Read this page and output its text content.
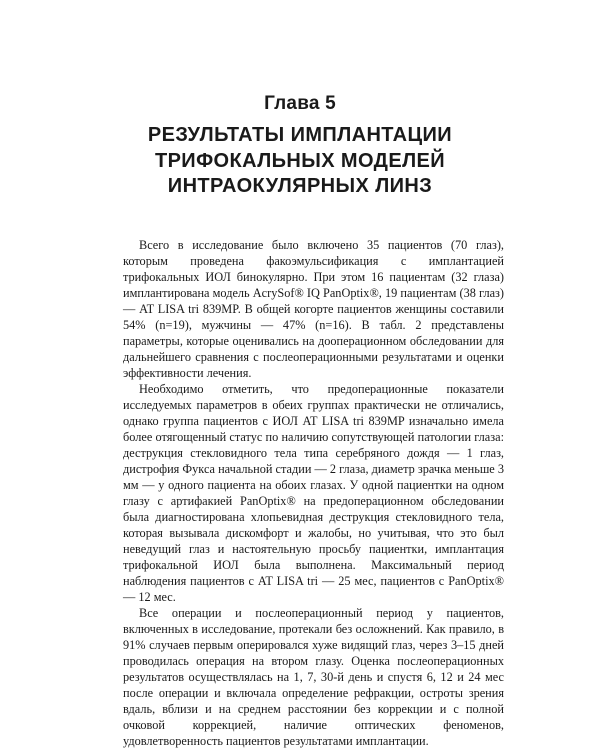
Глава 5
РЕЗУЛЬТАТЫ ИМПЛАНТАЦИИ
ТРИФОКАЛЬНЫХ МОДЕЛЕЙ
ИНТРАОКУЛЯРНЫХ ЛИНЗ

Всего в исследование было включено 35 пациентов (70 глаз), которым проведена факоэмульсификация с имплантацией трифокальных ИОЛ бинокулярно. При этом 16 пациентам (32 глаза) имплантирована модель AcrySof® IQ PanOptix®, 19 пациентам (38 глаз) — AT LISA tri 839MP. В общей когорте пациентов женщины составили 54% (n=19), мужчины — 47% (n=16). В табл. 2 представлены параметры, которые оценивались на дооперационном обследовании для дальнейшего сравнения с послеоперационными результатами и оценки эффективности лечения.

Необходимо отметить, что предоперационные показатели исследуемых параметров в обеих группах практически не отличались, однако группа пациентов с ИОЛ AT LISA tri 839MP изначально имела более отягощенный статус по наличию сопутствующей патологии глаза: деструкция стекловидного тела типа серебряного дождя — 1 глаз, дистрофия Фукса начальной стадии — 2 глаза, диаметр зрачка меньше 3 мм — у одного пациента на обоих глазах. У одной пациентки на одном глазу с артифакией PanOptix® на предоперационном обследовании была диагностирована хлопьевидная деструкция стекловидного тела, которая вызывала дискомфорт и жалобы, но учитывая, что это был неведущий глаз и настоятельную просьбу пациентки, имплантация трифокальной ИОЛ была выполнена. Максимальный период наблюдения пациентов с AT LISA tri — 25 мес, пациентов с PanOptix® — 12 мес.

Все операции и послеоперационный период у пациентов, включенных в исследование, протекали без осложнений. Как правило, в 91% случаев первым оперировался хуже видящий глаз, через 3–15 дней проводилась операция на втором глазу. Оценка послеоперационных результатов осуществлялась на 1, 7, 30-й день и спустя 6, 12 и 24 мес после операции и включала определение рефракции, остроты зрения вдаль, вблизи и на среднем расстоянии без коррекции и с полной очковой коррекцией, наличие оптических феноменов, удовлетворенность пациентов результатами имплантации.
